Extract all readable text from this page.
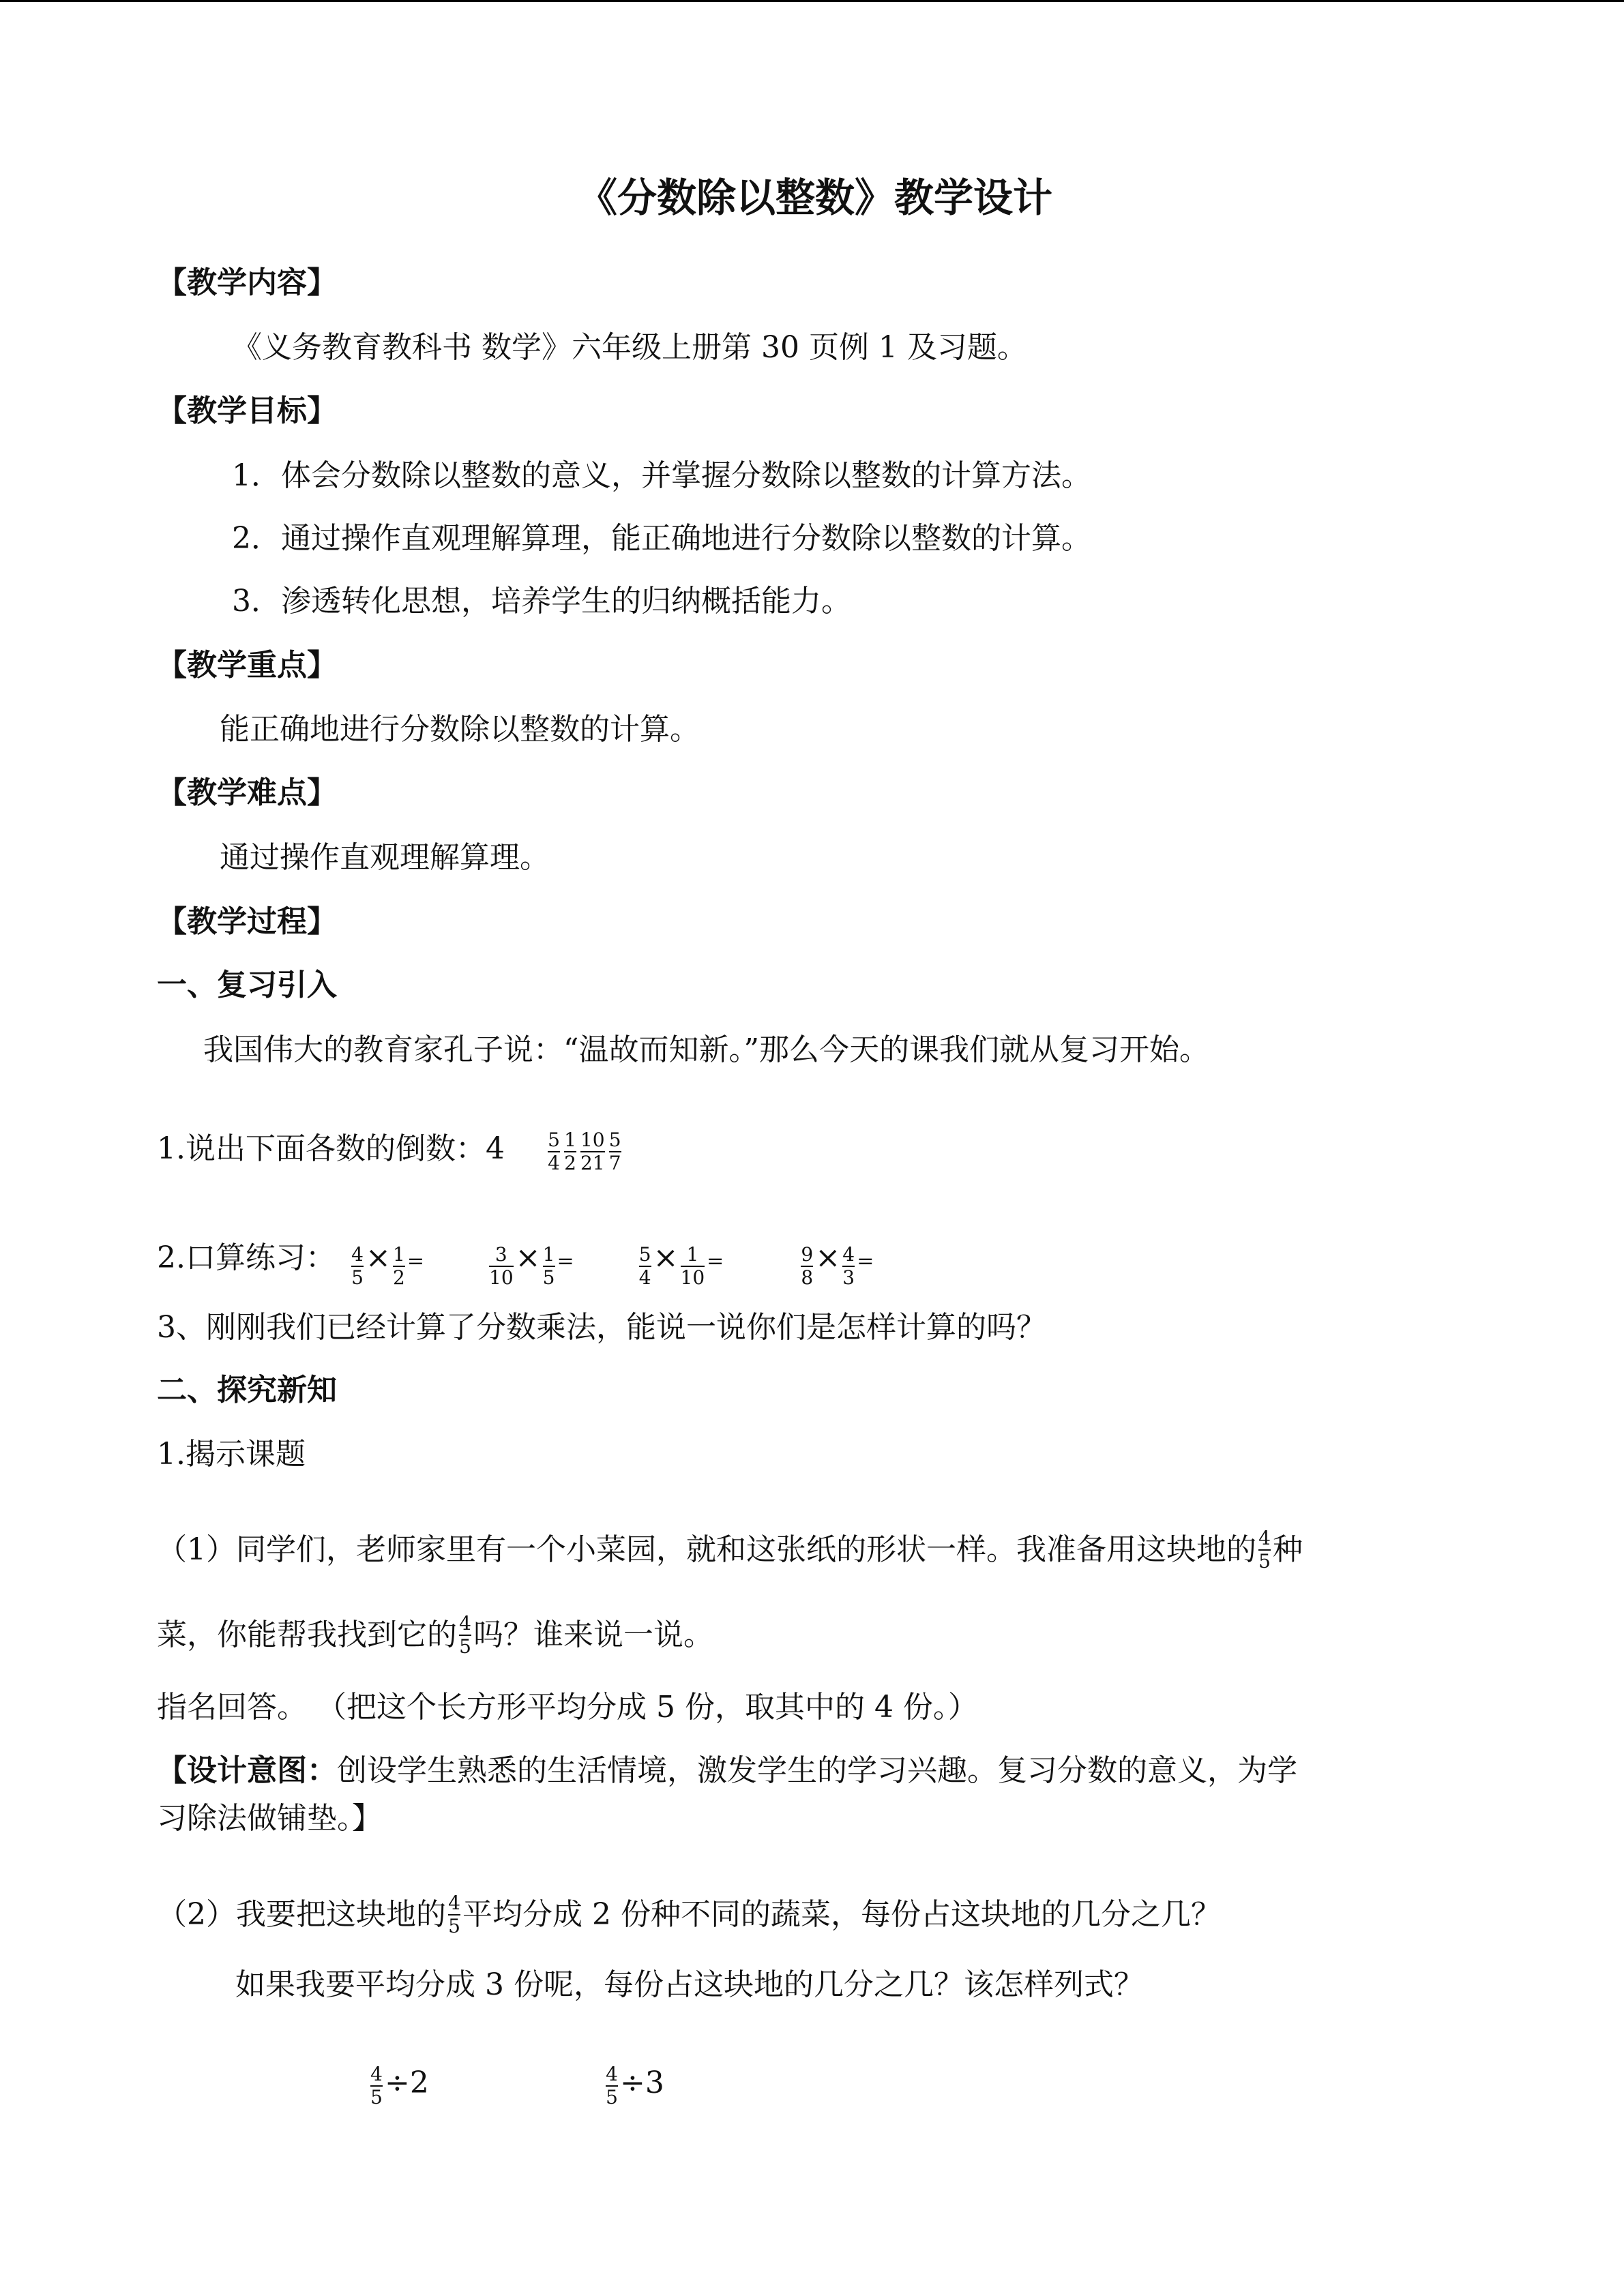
《分数除以整数》教学设计
【教学内容】
《义务教育教科书 数学》六年级上册第 30 页例 1 及习题。
【教学目标】
1．体会分数除以整数的意义，并掌握分数除以整数的计算方法。
2．通过操作直观理解算理，能正确地进行分数除以整数的计算。
3．渗透转化思想，培养学生的归纳概括能力。
【教学重点】
能正确地进行分数除以整数的计算。
【教学难点】
通过操作直观理解算理。
【教学过程】
一、复习引入
我国伟大的教育家孔子说：“温故而知新。”那么今天的课我们就从复习开始。
1.说出下面各数的倒数：$4 \frac{5}{4} \frac{1}{2} \frac{10}{21} \frac{5}{7}$
2.口算练习： $\frac{4}{5} \times \frac{1}{2}$ =	$\frac{3}{10} \times \frac{1}{5}$ =	$\frac{5}{4} \times \frac{1}{10}$ =	$\frac{9}{8} \times \frac{4}{3}$ =
3、刚刚我们已经计算了分数乘法，能说一说你们是怎样计算的吗？
二、探究新知
1.揭示课题
（1）同学们，老师家里有一个小菜园，就和这张纸的形状一样。我准备用这块地的 $\frac{4}{5}$ 种
菜，你能帮我找到它的 $\frac{4}{5}$ 吗？谁来说一说。
指名回答。 （把这个长方形平均分成 5 份，取其中的 4 份。）
【设计意图：创设学生熟悉的生活情境，激发学生的学习兴趣。复习分数的意义，为学
习除法做铺垫。】
（2）我要把这块地的 $\frac{4}{5}$ 平均分成 2 份种不同的蔬菜，每份占这块地的几分之几？
如果我要平均分成 3 份呢，每份占这块地的几分之几？该怎样列式？
$\frac{4}{5} \div 2$	$\frac{4}{5} \div 3$
